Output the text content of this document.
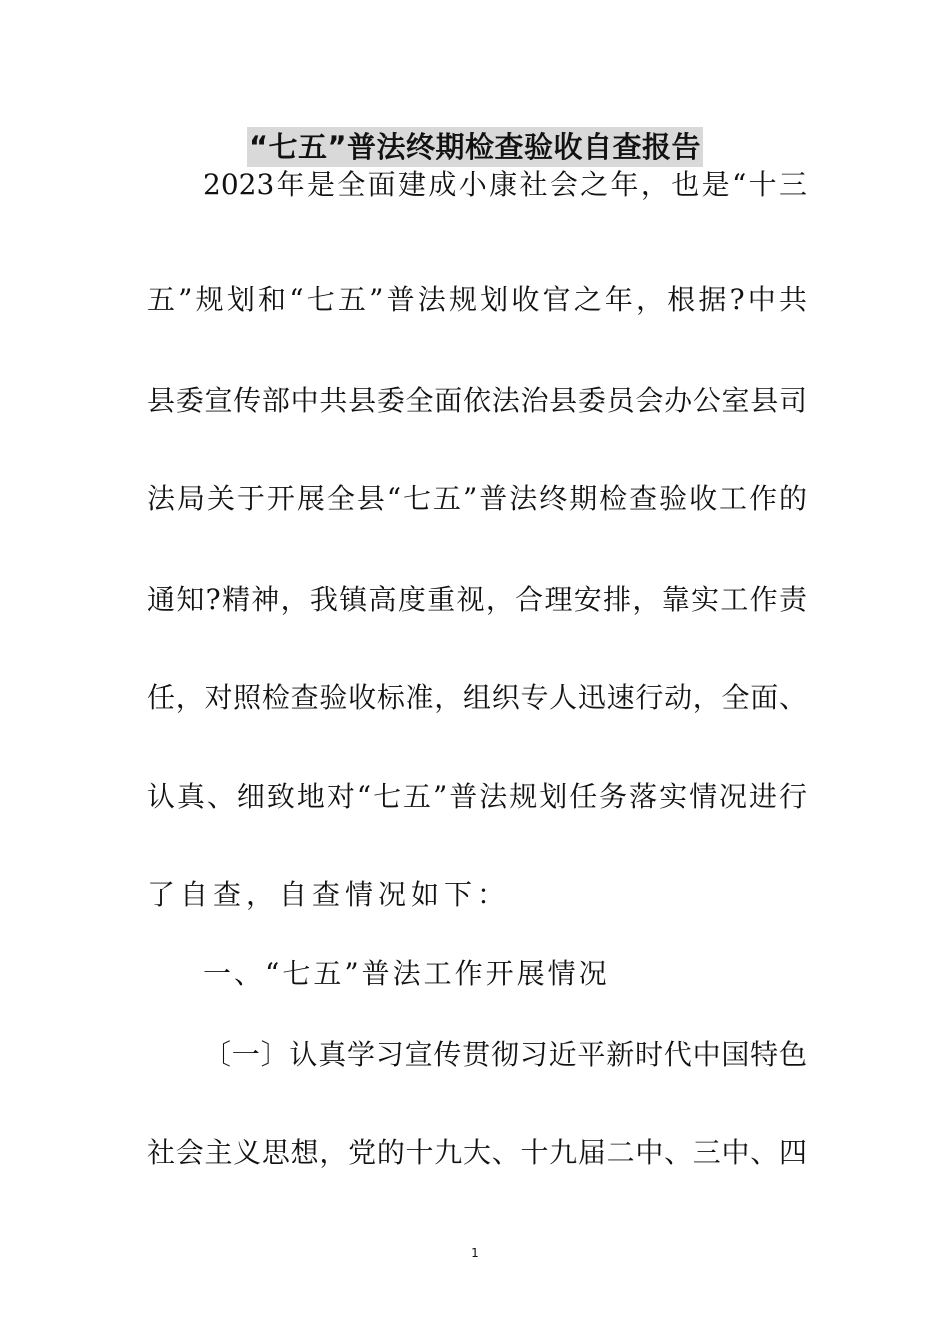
“七五”普法终期检查验收自查报告
2023年是全面建成小康社会之年，也是“十三
五”规划和“七五”普法规划收官之年，根据?中共
县委宣传部中共县委全面依法治县委员会办公室县司
法局关于开展全县“七五”普法终期检查验收工作的
通知?精神，我镇高度重视，合理安排，靠实工作责
任，对照检查验收标准，组织专人迅速行动，全面、
认真、细致地对“七五”普法规划任务落实情况进行
了自查，自查情况如下：
一、“七五”普法工作开展情况
〔一〕认真学习宣传贯彻习近平新时代中国特色
社会主义思想，党的十九大、十九届二中、三中、四
1
